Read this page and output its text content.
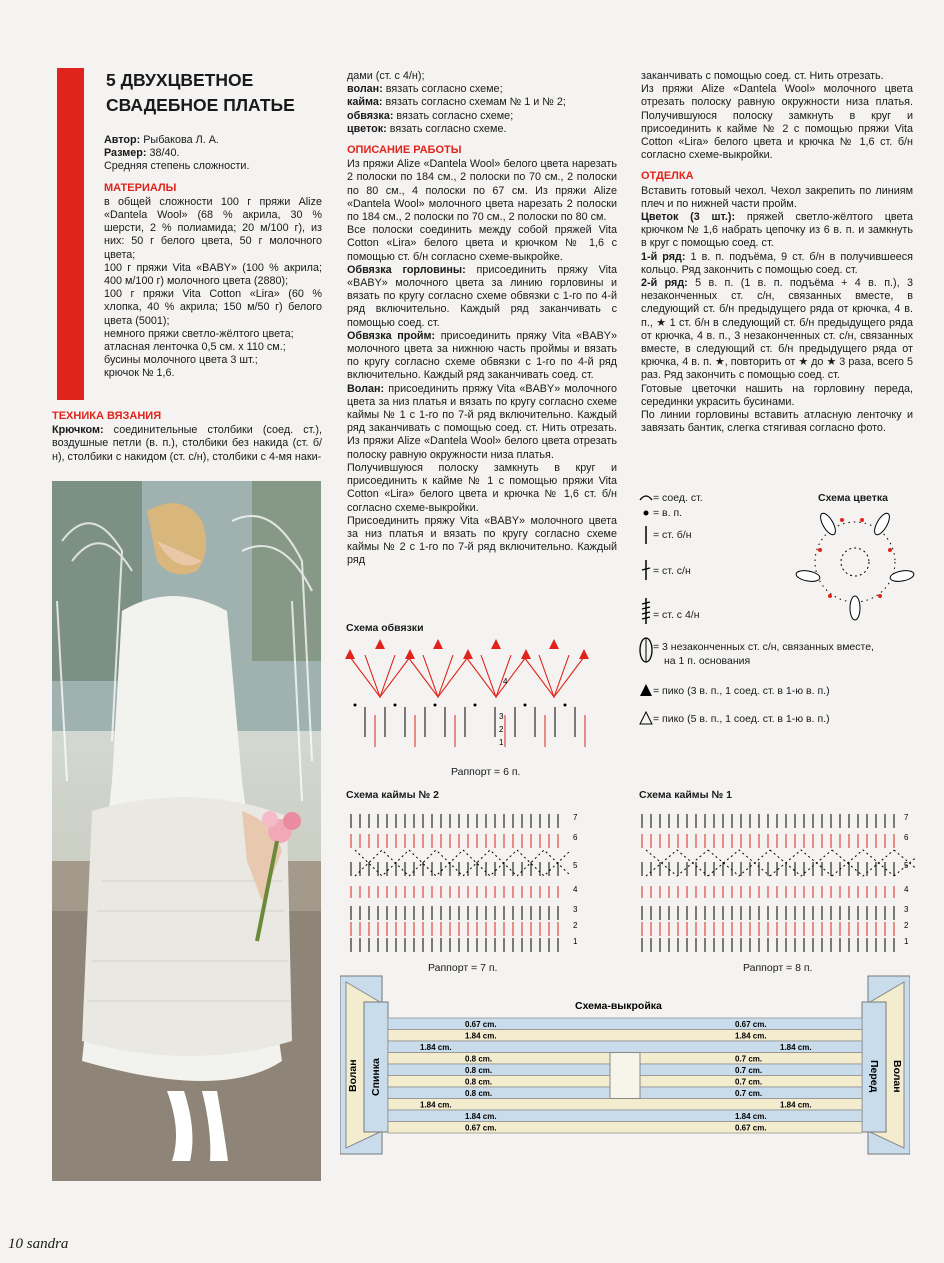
5 ДВУХЦВЕТНОЕ
СВАДЕБНОЕ ПЛАТЬЕ

Автор: Рыбакова Л. А.

Размер: 38/40.

Средняя степень сложности.

МАТЕРИАЛЫ

в общей сложности 100 г пряжи Alize «Dantela Wool» (68 % акрила, 30 % шерсти, 2 % полиамида; 20 м/100 г), из них: 50 г белого цвета, 50 г молочного цвета;

100 г пряжи Vita «BABY» (100 % акрила; 400 м/100 г) молочного цвета (2880);

100 г пряжи Vita Cotton «Lira» (60 % хлопка, 40 % акрила; 150 м/50 г) белого цвета (5001);

немного пряжи светло-жёлтого цвета;

атласная ленточка 0,5 см. х 110 см.;

бусины молочного цвета 3 шт.;

крючок № 1,6.

ТЕХНИКА ВЯЗАНИЯ

Крючком: соединительные столбики (соед. ст.), воздушные петли (в. п.), столбики без накида (ст. б/н), столбики с накидом (ст. с/н), столбики с 4-мя наки-

дами (ст. с 4/н);

волан: вязать согласно схеме;

кайма: вязать согласно схемам № 1 и № 2;

обвязка: вязать согласно схеме;

цветок: вязать согласно схеме.

ОПИСАНИЕ РАБОТЫ

Из пряжи Alize «Dantela Wool» белого цвета нарезать 2 полоски по 184 см., 2 полоски по 70 см., 2 полоски по 80 см., 4 полоски по 67 см. Из пряжи Alize «Dantela Wool» молочного цвета нарезать 2 полоски по 184 см., 2 полоски по 70 см., 2 полоски по 80 см.

Все полоски соединить между собой пряжей Vita Cotton «Lira» белого цвета и крючком № 1,6 с помощью ст. б/н согласно схеме-выкройке.

Обвязка горловины: присоединить пряжу Vita «BABY» молочного цвета за линию горловины и вязать по кругу согласно схеме обвязки с 1-го по 4-й ряд включительно. Каждый ряд заканчивать с помощью соед. ст.

Обвязка пройм: присоединить пряжу Vita «BABY» молочного цвета за нижнюю часть проймы и вязать по кругу согласно схеме обвязки с 1-го по 4-й ряд включительно. Каждый ряд заканчивать соед. ст.

Волан: присоединить пряжу Vita «BABY» молочного цвета за низ платья и вязать по кругу согласно схеме каймы № 1 с 1-го по 7-й ряд включительно. Каждый ряд заканчивать с помощью соед. ст. Нить отрезать. Из пряжи Alize «Dantela Wool» белого цвета отрезать полоску равную окружности низа платья.

Получившуюся полоску замкнуть в круг и присоединить к кайме № 1 с помощью пряжи Vita Cotton «Lira» белого цвета и крючка № 1,6 ст. б/н согласно схеме-выкройки.

Присоединить пряжу Vita «BABY» молочного цвета за низ платья и вязать по кругу согласно схеме каймы № 2 с 1-го по 7-й ряд включительно. Каждый ряд

заканчивать с помощью соед. ст. Нить отрезать.

Из пряжи Alize «Dantela Wool» молочного цвета отрезать полоску равную окружности низа платья. Получившуюся полоску замкнуть в круг и присоединить к кайме № 2 с помощью пряжи Vita Cotton «Lira» белого цвета и крючка № 1,6 ст. б/н согласно схеме-выкройки.

ОТДЕЛКА

Вставить готовый чехол. Чехол закрепить по линиям плеч и по нижней части пройм.

Цветок (3 шт.): пряжей светло-жёлтого цвета крючком № 1,6 набрать цепочку из 6 в. п. и замкнуть в круг с помощью соед. ст.

1-й ряд: 1 в. п. подъёма, 9 ст. б/н в получившееся кольцо. Ряд закончить с помощью соед. ст.

2-й ряд: 5 в. п. (1 в. п. подъёма + 4 в. п.), 3 незаконченных ст. с/н, связанных вместе, в следующий ст. б/н предыдущего ряда от крючка, 4 в. п., ★ 1 ст. б/н в следующий ст. б/н предыдущего ряда от крючка, 4 в. п., 3 незаконченных ст. с/н, связанных вместе, в следующий ст. б/н предыдущего ряда от крючка, 4 в. п. ★, повторить от ★ до ★ 3 раза, всего 5 раз. Ряд закончить с помощью соед. ст.

Готовые цветочки нашить на горловину переда, серединки украсить бусинами.

По линии горловины вставить атласную ленточку и завязать бантик, слегка стягивая согласно фото.

= соед. ст.
= в. п.
= ст. б/н
= ст. с/н
= ст. с 4/н
= 3 незаконченных ст. с/н, связанных вместе,
на 1 п. основания
= пико (3 в. п., 1 соед. ст. в 1-ю в. п.)
= пико (5 в. п., 1 соед. ст. в 1-ю в. п.)
Схема цветка
Схема обвязки
4
3
2
1
Раппорт = 6 п.
Схема каймы № 2
7
6
5
4
3
2
1
Раппорт = 7 п.
Схема каймы № 1
7
6
5
4
3
2
1
Раппорт = 8 п.
0.67 cm.	0.67 cm.
1.84 cm.	1.84 cm.
1.84 cm.	1.84 cm.
0.8 cm.	0.7 cm.
0.8 cm.	0.7 cm.
0.8 cm.	0.7 cm.
0.8 cm.	0.7 cm.
1.84 cm.	1.84 cm.
1.84 cm.	1.84 cm.
0.67 cm.	0.67 cm.
Схема-выкройка
Волан Спинка	Перед Волан
10 sandra
